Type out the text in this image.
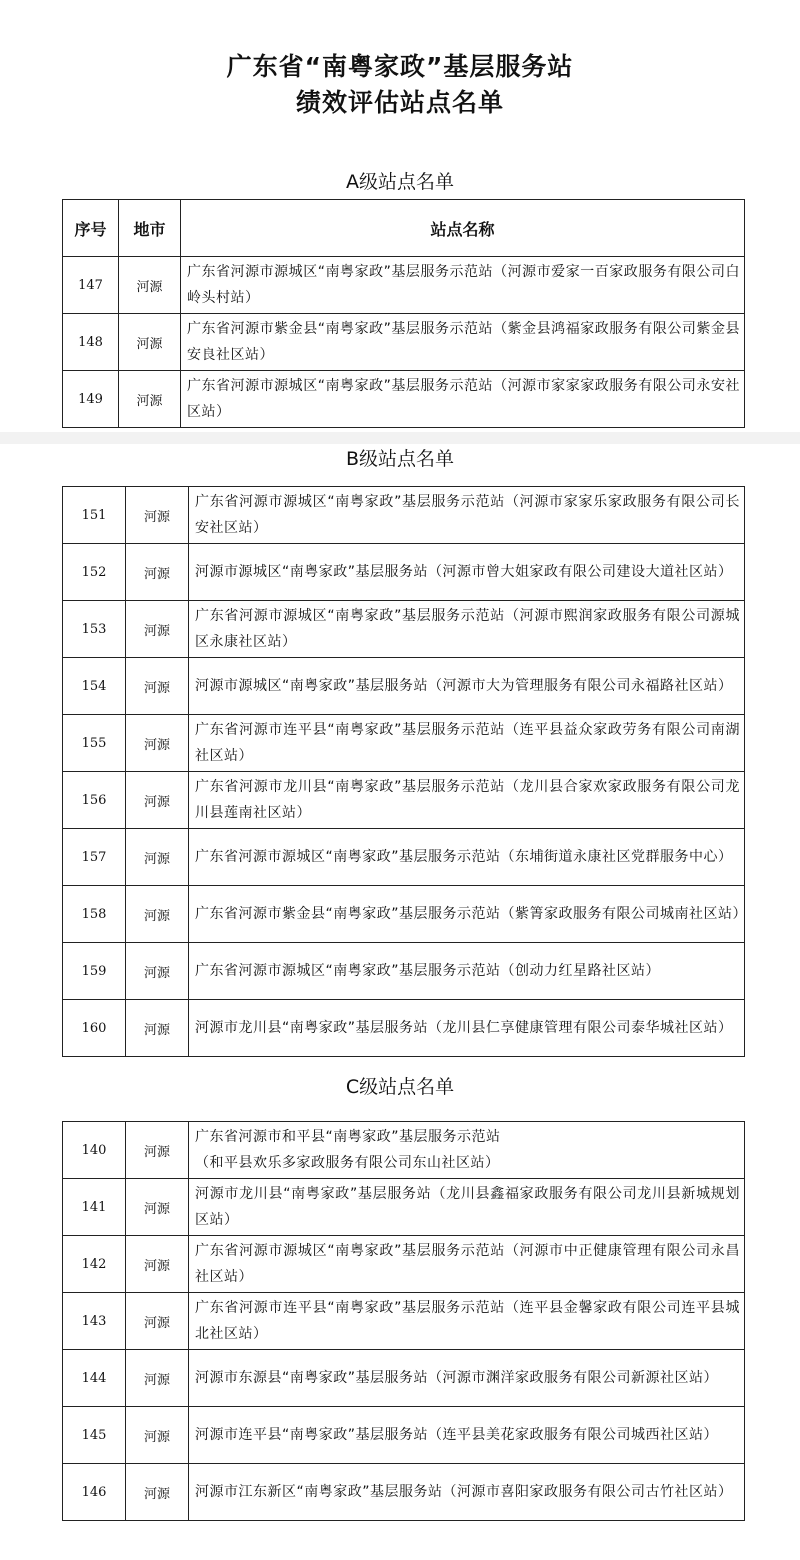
广东省“南粤家政”基层服务站
绩效评估站点名单
A级站点名单
序号	地市	站点名称
147	河源	广东省河源市源城区“南粤家政”基层服务示范站（河源市爱家一百家政服务有限公司白岭头村站）
148	河源	广东省河源市紫金县“南粤家政”基层服务示范站（紫金县鸿福家政服务有限公司紫金县安良社区站）
149	河源	广东省河源市源城区“南粤家政”基层服务示范站（河源市家家家政服务有限公司永安社区站）
B级站点名单
151	河源	广东省河源市源城区“南粤家政”基层服务示范站（河源市家家乐家政服务有限公司长安社区站）
152	河源	河源市源城区“南粤家政”基层服务站（河源市曾大姐家政有限公司建设大道社区站）
153	河源	广东省河源市源城区“南粤家政”基层服务示范站（河源市熙润家政服务有限公司源城区永康社区站）
154	河源	河源市源城区“南粤家政”基层服务站（河源市大为管理服务有限公司永福路社区站）
155	河源	广东省河源市连平县“南粤家政”基层服务示范站（连平县益众家政劳务有限公司南湖社区站）
156	河源	广东省河源市龙川县“南粤家政”基层服务示范站（龙川县合家欢家政服务有限公司龙川县莲南社区站）
157	河源	广东省河源市源城区“南粤家政”基层服务示范站（东埔街道永康社区党群服务中心）
158	河源	广东省河源市紫金县“南粤家政”基层服务示范站（紫箐家政服务有限公司城南社区站）
159	河源	广东省河源市源城区“南粤家政”基层服务示范站（创动力红星路社区站）
160	河源	河源市龙川县“南粤家政”基层服务站（龙川县仁享健康管理有限公司泰华城社区站）
C级站点名单
140	河源	广东省河源市和平县“南粤家政”基层服务示范站
（和平县欢乐多家政服务有限公司东山社区站）

141	河源	河源市龙川县“南粤家政”基层服务站（龙川县鑫福家政服务有限公司龙川县新城规划区站）
142	河源	广东省河源市源城区“南粤家政”基层服务示范站（河源市中正健康管理有限公司永昌社区站）
143	河源	广东省河源市连平县“南粤家政”基层服务示范站（连平县金馨家政有限公司连平县城北社区站）
144	河源	河源市东源县“南粤家政”基层服务站（河源市渊洋家政服务有限公司新源社区站）
145	河源	河源市连平县“南粤家政”基层服务站（连平县美花家政服务有限公司城西社区站）
146	河源	河源市江东新区“南粤家政”基层服务站（河源市喜阳家政服务有限公司古竹社区站）
